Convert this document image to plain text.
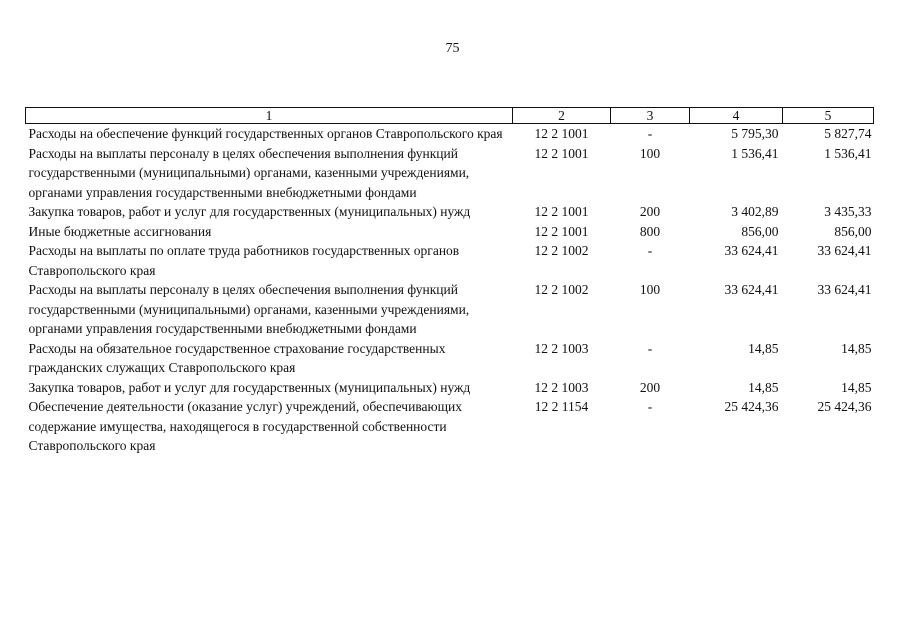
75
1	2	3	4	5
Расходы на обеспечение функций государственных органов Ставропольского края	12 2 1001	-	5 795,30	5 827,74
Расходы на выплаты персоналу в целях обеспечения выполнения функций государственными (муниципальными) органами, казенными учреждениями, органами управления государственными внебюджетными фондами	12 2 1001	100	1 536,41	1 536,41
Закупка товаров, работ и услуг для государственных (муниципальных) нужд	12 2 1001	200	3 402,89	3 435,33
Иные бюджетные ассигнования	12 2 1001	800	856,00	856,00
Расходы на выплаты по оплате труда работников государственных органов Ставропольского края	12 2 1002	-	33 624,41	33 624,41
Расходы на выплаты персоналу в целях обеспечения выполнения функций государственными (муниципальными) органами, казенными учреждениями, органами управления государственными внебюджетными фондами	12 2 1002	100	33 624,41	33 624,41
Расходы на обязательное государственное страхование государственных гражданских служащих Ставропольского края	12 2 1003	-	14,85	14,85
Закупка товаров, работ и услуг для государственных (муниципальных) нужд	12 2 1003	200	14,85	14,85
Обеспечение деятельности (оказание услуг) учреждений, обеспечивающих содержание имущества, находящегося в государственной собственности Ставропольского края	12 2 1154	-	25 424,36	25 424,36
